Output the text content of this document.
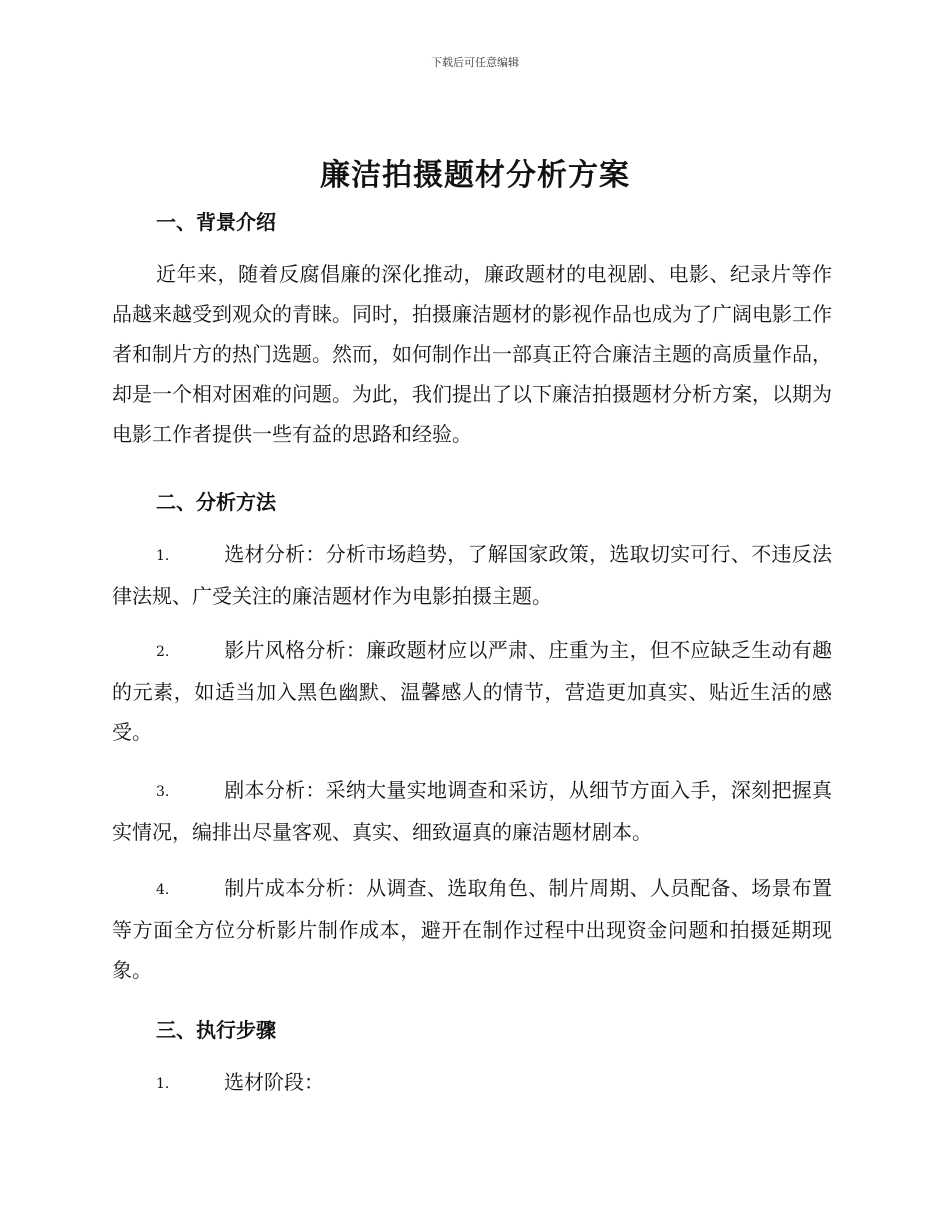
下载后可任意编辑
廉洁拍摄题材分析方案
一、背景介绍
近年来，随着反腐倡廉的深化推动，廉政题材的电视剧、电影、纪录片等作品越来越受到观众的青睐。同时，拍摄廉洁题材的影视作品也成为了广阔电影工作者和制片方的热门选题。然而，如何制作出一部真正符合廉洁主题的高质量作品，却是一个相对困难的问题。为此，我们提出了以下廉洁拍摄题材分析方案，以期为电影工作者提供一些有益的思路和经验。
二、分析方法
1.	选材分析：分析市场趋势，了解国家政策，选取切实可行、不违反法律法规、广受关注的廉洁题材作为电影拍摄主题。
2.	影片风格分析：廉政题材应以严肃、庄重为主，但不应缺乏生动有趣的元素，如适当加入黑色幽默、温馨感人的情节，营造更加真实、贴近生活的感受。
3.	剧本分析：采纳大量实地调查和采访，从细节方面入手，深刻把握真实情况，编排出尽量客观、真实、细致逼真的廉洁题材剧本。
4.	制片成本分析：从调查、选取角色、制片周期、人员配备、场景布置等方面全方位分析影片制作成本，避开在制作过程中出现资金问题和拍摄延期现象。
三、执行步骤
1.	选材阶段：
